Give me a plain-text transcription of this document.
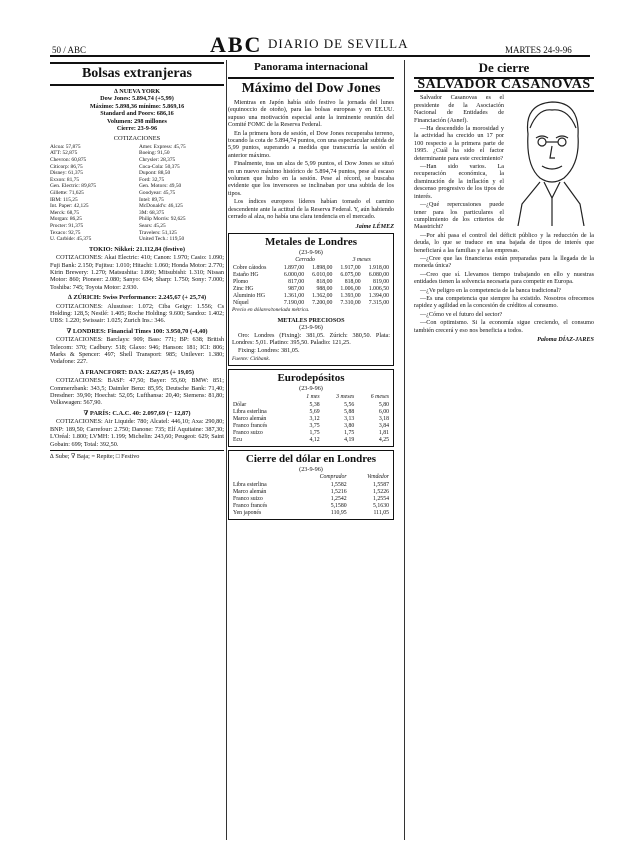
50 / ABC	ABC DIARIO DE SEVILLA	MARTES 24-9-96
Bolsas extranjeras
∆ NUEVA YORK
Dow Jones: 5.894,74 (+5,99)
Máximo: 5.898,36 mínimo: 5.869,16
Standard and Poors: 686,16
Volumen: 298 millones
Cierre: 23-9-96
COTIZACIONES
Alcoa: 57,875	Amer. Express: 45,75
ATT: 52,875	Boeing: 91,50
Chevron: 60,875	Chrysler: 28,375
Citicorp: 86,75	Coca-Cola: 50,375
Disney: 61,375	Dupont: 88,50
Exxon: 81,75	Ford: 32,75
Gen. Electric: 89,875	Gen. Motors: 49,50
Gillette: 71,625	Goodyear: 45,75
IBM: 115,25	Intel: 89,75
Int. Paper: 42,125	McDonald's: 46,125
Merck: 68,75	3M: 68,375
Morgan: 86,25	Philip Morris: 92,625
Procter: 91,375	Sears: 45,25
Texaco: 92,75	Travelers: 51,125
U. Carbide: 45,375	United Tech.: 119,50
TOKIO: Nikkei: 21.112,84 (festivo)

COTIZACIONES: Akai Electric: 410; Canon: 1.970; Casio: 1.090; Fuji Bank: 2.150; Fujitsu: 1.010; Hitachi: 1.060; Honda Motor: 2.770; Kirin Brewery: 1.270; Matsushita: 1.860; Mitsubishi: 1.310; Nissan Motor: 860; Pioneer: 2.080; Sanyo: 634; Sharp: 1.750; Sony: 7.000; Toshiba: 745; Toyota Motor: 2.930.

∆ ZÚRICH: Swiss Performance: 2.245,67 (+ 25,74)

COTIZACIONES: Alusuisse: 1.072; Ciba Geigy: 1.556; Cs Holding: 128,5; Nestlé: 1.405; Roche Holding: 9.600; Sandoz: 1.402; UBS: 1.220; Swissair: 1.025; Zurich Ins.: 346.

∇ LONDRES: Financial Times 100: 3.950,70 (-4,40)

COTIZACIONES: Barclays: 909; Bass: 771; BP: 638; British Telecom: 370; Cadbury: 518; Glaxo: 946; Hanson: 181; ICI: 806; Marks & Spencer: 497; Shell Transport: 985; Unilever: 1.380; Vodafone: 227.

∆ FRANCFORT: DAX: 2.627,95 (+ 19,05)

COTIZACIONES: BASF: 47,50; Bayer: 55,60; BMW: 851; Commerzbank: 343,5; Daimler Benz: 85,95; Deutsche Bank: 71,40; Dresdner: 39,90; Hoechst: 52,05; Lufthansa: 20,40; Siemens: 81,80; Volkswagen: 567,90.

∇ PARÍS: C.A.C. 40: 2.097,69 (− 12,87)

COTIZACIONES: Air Liquide: 780; Alcatel: 446,10; Axa: 290,80; BNP: 189,50; Carrefour: 2.750; Danone: 735; Elf Aquitaine: 387,30; L'Oréal: 1.800; LVMH: 1.199; Michelin: 243,60; Peugeot: 629; Saint Gobain: 699; Total: 392,50.

∆ Sube; ∇ Baja; = Repite; □ Festivo
Panorama internacional
Máximo del Dow Jones

Mientras en Japón había sido festivo la jornada del lunes (equinoccio de otoño), para las bolsas europeas y en EE.UU. supuso una motivación especial ante la inminente reunión del Comité FOMC de la Reserva Federal.

En la primera hora de sesión, el Dow Jones recuperaba terreno, tocando la cota de 5.894,74 puntos, con una espectacular subida de 5,99 puntos, superando a medida que transcurría la sesión el anterior máximo.

Finalmente, tras un alza de 5,99 puntos, el Dow Jones se situó en un nuevo máximo histórico de 5.894,74 puntos, pese al escaso volumen que hubo en la sesión. Pese al récord, se buscaba evidente que los inversores se inclinaban por una subida de los tipos.

Los índices europeos líderes habían tomado el camino descendente ante la actitud de la Reserva Federal. Y, aún habiendo cerrado al alza, no había una clara tendencia en el mercado.

Jaime LÉMEZ
Metales de Londres
(23-9-96)
	Cerrado		3 meses	
Cobre cátodos	1.897,00	1.898,00	1.917,00	1.918,00
Estaño HG	6.000,00	6.010,00	6.075,00	6.080,00
Plomo	817,00	818,00	818,00	819,00
Zinc HG	987,00	988,00	1.006,00	1.006,50
Aluminio HG	1.361,00	1.362,00	1.393,00	1.394,00
Níquel	7.190,00	7.200,00	7.310,00	7.315,00
Precio en dólares/tonelada métrica.
METALES PRECIOSOS
(23-9-96)

Oro: Londres (Fixing): 381,05. Zúrich: 380,50. Plata: Londres: 5,01. Platino: 395,50. Paladio: 121,25.

Fixing: Londres: 381,05.

Fuente: Citibank.
Eurodepósitos
(23-9-96)
	1 mes	3 meses	6 meses
Dólar	5,38	5,56	5,80
Libra esterlina	5,69	5,88	6,00
Marco alemán	3,12	3,13	3,18
Franco francés	3,75	3,80	3,84
Franco suizo	1,75	1,75	1,81
Ecu	4,12	4,19	4,25
Cierre del dólar en Londres
(23-9-96)
	Comprador	Vendedor
Libra esterlina	1,5582	1,5587
Marco alemán	1,5216	1,5226
Franco suizo	1,2542	1,2554
Franco francés	5,1580	5,1630
Yen japonés	110,95	111,05
De cierre
SALVADOR CASANOVAS

Salvador Casanovas es el presidente de la Asociación Nacional de Entidades de Financiación (Asnef).

—Ha descendido la morosidad y la actividad ha crecido un 17 por 100 respecto a la primera parte de 1995. ¿Cuál ha sido el factor determinante para este crecimiento?

—Han sido varios. La recuperación económica, la disminución de la inflación y el descenso progresivo de los tipos de interés.

—¿Qué repercusiones puede tener para los particulares el cumplimiento de los criterios de Maastricht?

—Por ahí pasa el control del déficit público y la reducción de la deuda, lo que se traduce en una bajada de tipos de interés que beneficiará a las familias y a las empresas.

—¿Cree que las financieras están preparadas para la llegada de la moneda única?

—Creo que sí. Llevamos tiempo trabajando en ello y nuestras entidades tienen la solvencia necesaria para competir en Europa.

—¿Ve peligro en la competencia de la banca tradicional?

—Es una competencia que siempre ha existido. Nosotros ofrecemos rapidez y agilidad en la concesión de créditos al consumo.

—¿Cómo ve el futuro del sector?

—Con optimismo. Si la economía sigue creciendo, el consumo también crecerá y eso nos beneficia a todos.

Paloma DÍAZ-JARES
